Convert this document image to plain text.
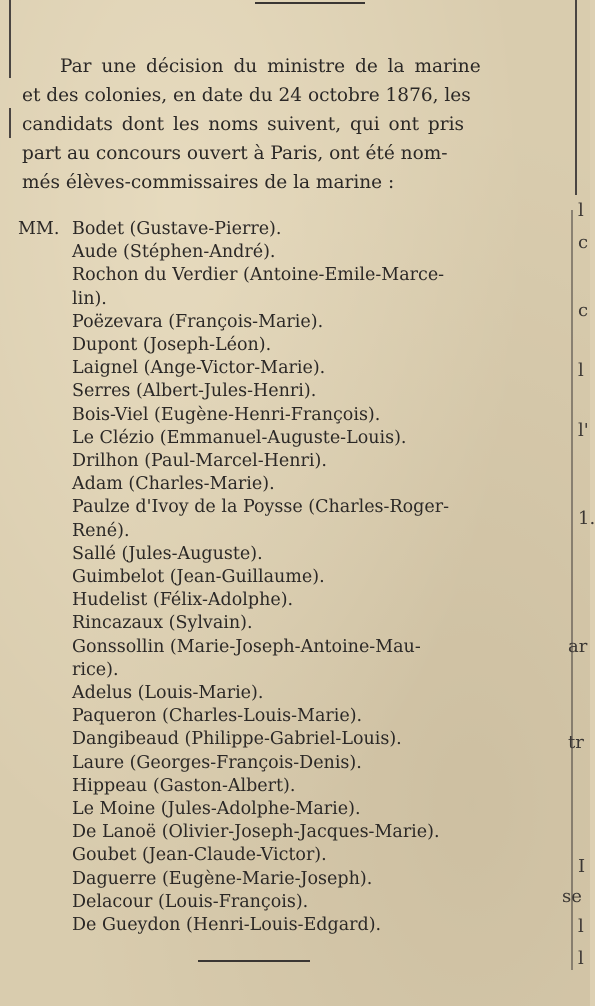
Par une décision du ministre de la marine
et des colonies, en date du 24 octobre 1876, les
candidats dont les noms suivent, qui ont pris
part au concours ouvert à Paris, ont été nom-
més élèves-commissaires de la marine :
MM. Bodet (Gustave-Pierre).
Aude (Stéphen-André).
Rochon du Verdier (Antoine-Emile-Marce-
lin).
Poëzevara (François-Marie).
Dupont (Joseph-Léon).
Laignel (Ange-Victor-Marie).
Serres (Albert-Jules-Henri).
Bois-Viel (Eugène-Henri-François).
Le Clézio (Emmanuel-Auguste-Louis).
Drilhon (Paul-Marcel-Henri).
Adam (Charles-Marie).
Paulze d'Ivoy de la Poysse (Charles-Roger-
René).
Sallé (Jules-Auguste).
Guimbelot (Jean-Guillaume).
Hudelist (Félix-Adolphe).
Rincazaux (Sylvain).
Gonssollin (Marie-Joseph-Antoine-Mau-
rice).
Adelus (Louis-Marie).
Paqueron (Charles-Louis-Marie).
Dangibeaud (Philippe-Gabriel-Louis).
Laure (Georges-François-Denis).
Hippeau (Gaston-Albert).
Le Moine (Jules-Adolphe-Marie).
De Lanoë (Olivier-Joseph-Jacques-Marie).
Goubet (Jean-Claude-Victor).
Daguerre (Eugène-Marie-Joseph).
Delacour (Louis-François).
De Gueydon (Henri-Louis-Edgard).
l
c
c
l
l'
1.
ar
tr
I
se
l
l
